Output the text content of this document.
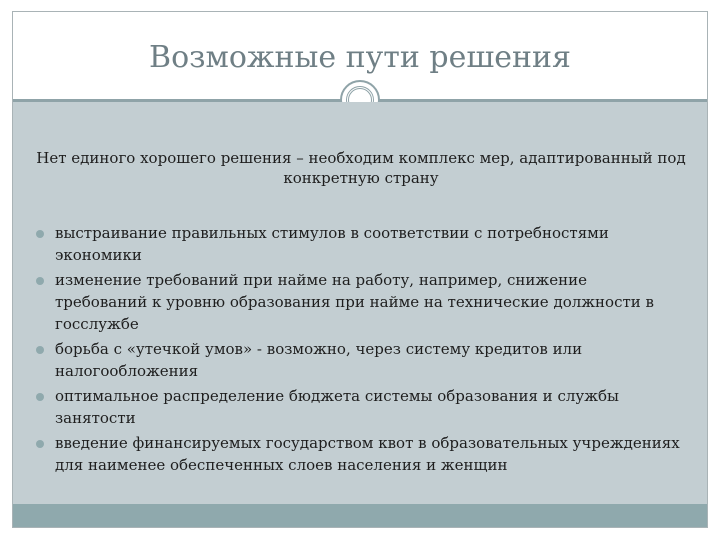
Возможные пути решения
Нет единого хорошего решения – необходим комплекс мер, адаптированный под конкретную страну
выстраивание правильных стимулов в соответствии с потребностями экономики
изменение требований при найме на работу, например, снижение требований к уровню образования при найме на технические должности в госслужбе
борьба с «утечкой умов» - возможно, через систему кредитов или налогообложения
оптимальное распределение бюджета системы образования и службы занятости
введение финансируемых государством квот в образовательных учреждениях для наименее обеспеченных слоев населения и женщин
